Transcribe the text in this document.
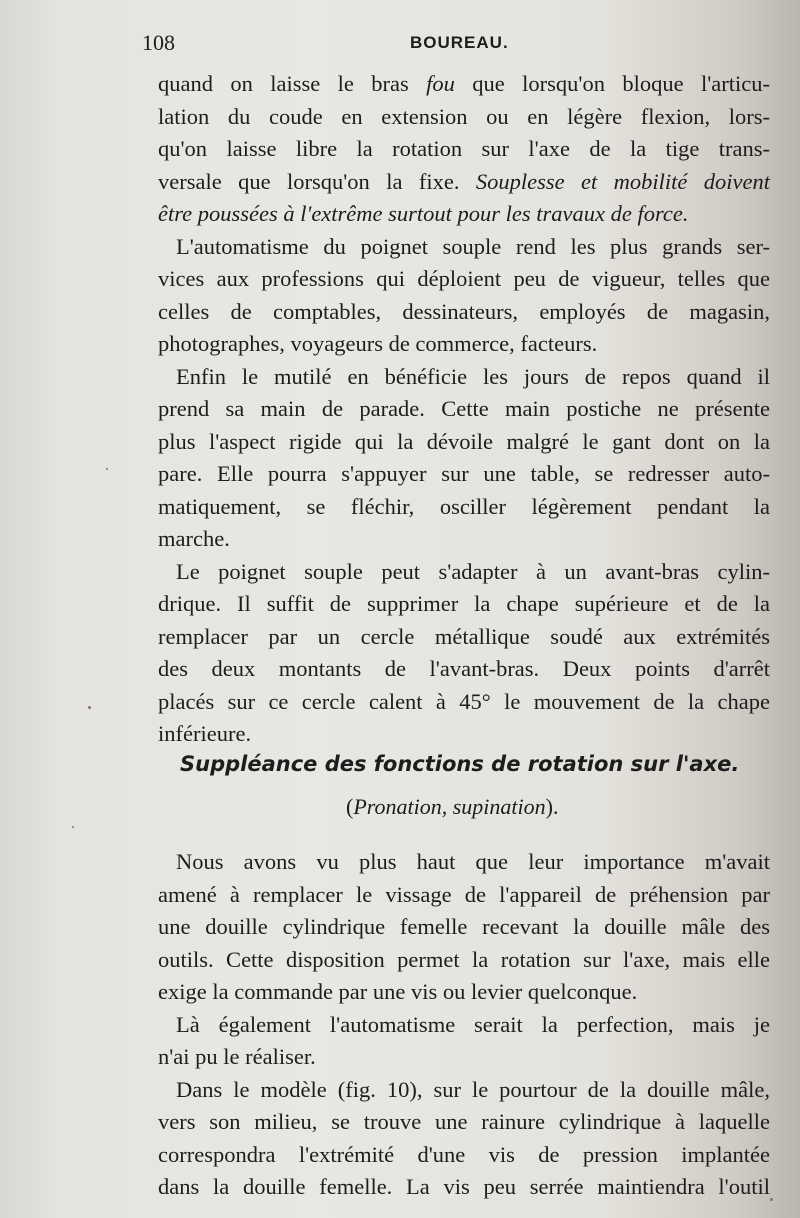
108	BOUREAU.
quand on laisse le bras fou que lorsqu'on bloque l'articu-
lation du coude en extension ou en légère flexion, lors-
qu'on laisse libre la rotation sur l'axe de la tige trans-
versale que lorsqu'on la fixe. Souplesse et mobilité doivent
être poussées à l'extrême surtout pour les travaux de force.
L'automatisme du poignet souple rend les plus grands ser-
vices aux professions qui déploient peu de vigueur, telles que
celles de comptables, dessinateurs, employés de magasin,
photographes, voyageurs de commerce, facteurs.
Enfin le mutilé en bénéficie les jours de repos quand il
prend sa main de parade. Cette main postiche ne présente
plus l'aspect rigide qui la dévoile malgré le gant dont on la
pare. Elle pourra s'appuyer sur une table, se redresser auto-
matiquement, se fléchir, osciller légèrement pendant la
marche.
Le poignet souple peut s'adapter à un avant-bras cylin-
drique. Il suffit de supprimer la chape supérieure et de la
remplacer par un cercle métallique soudé aux extrémités
des deux montants de l'avant-bras. Deux points d'arrêt
placés sur ce cercle calent à 45° le mouvement de la chape
inférieure.
Suppléance des fonctions de rotation sur l'axe.
(Pronation, supination).
Nous avons vu plus haut que leur importance m'avait
amené à remplacer le vissage de l'appareil de préhension par
une douille cylindrique femelle recevant la douille mâle des
outils. Cette disposition permet la rotation sur l'axe, mais elle
exige la commande par une vis ou levier quelconque.
Là également l'automatisme serait la perfection, mais je
n'ai pu le réaliser.
Dans le modèle (fig. 10), sur le pourtour de la douille mâle,
vers son milieu, se trouve une rainure cylindrique à laquelle
correspondra l'extrémité d'une vis de pression implantée
dans la douille femelle. La vis peu serrée maintiendra l'outil
